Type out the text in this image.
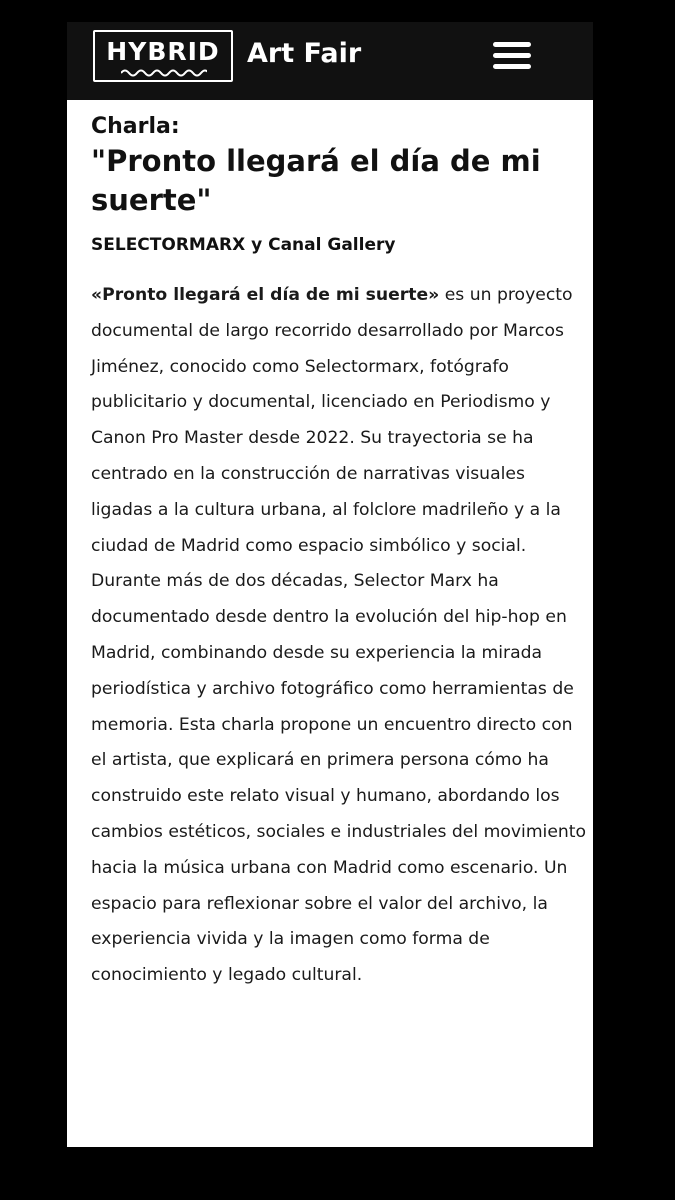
HYBRID	Art Fair
Charla:
"Pronto llegará el día de mi suerte"

SELECTORMARX y Canal Gallery

«Pronto llegará el día de mi suerte» es un proyecto documental de largo recorrido desarrollado por Marcos Jiménez, conocido como Selectormarx, fotógrafo publicitario y documental, licenciado en Periodismo y Canon Pro Master desde 2022. Su trayectoria se ha centrado en la construcción de narrativas visuales ligadas a la cultura urbana, al folclore madrileño y a la ciudad de Madrid como espacio simbólico y social. Durante más de dos décadas, Selector Marx ha documentado desde dentro la evolución del hip-hop en Madrid, combinando desde su experiencia la mirada periodística y archivo fotográfico como herramientas de memoria. Esta charla propone un encuentro directo con el artista, que explicará en primera persona cómo ha construido este relato visual y humano, abordando los cambios estéticos, sociales e industriales del movimiento hacia la música urbana con Madrid como escenario. Un espacio para reflexionar sobre el valor del archivo, la experiencia vivida y la imagen como forma de conocimiento y legado cultural.
